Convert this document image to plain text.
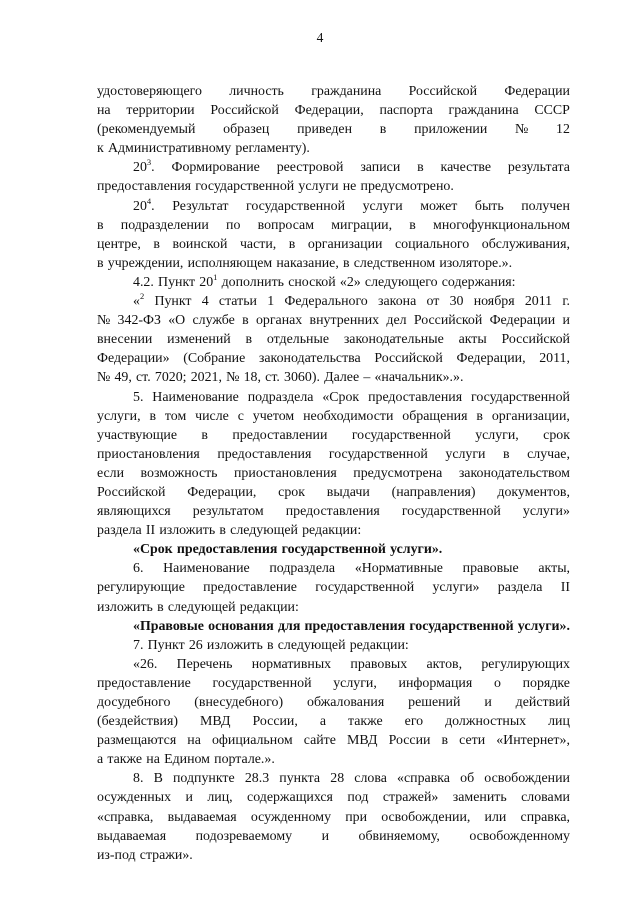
4
удостоверяющего личность гражданина Российской Федерации
на территории Российской Федерации, паспорта гражданина СССР
(рекомендуемый образец приведен в приложении № 12
к Административному регламенту).
$20^3$. Формирование реестровой записи в качестве результата
предоставления государственной услуги не предусмотрено.
$20^4$. Результат государственной услуги может быть получен
в подразделении по вопросам миграции, в многофункциональном
центре, в воинской части, в организации социального обслуживания,
в учреждении, исполняющем наказание, в следственном изоляторе.».
4.2. Пункт $20^1$ дополнить сноской «2» следующего содержания:
«$^2$ Пункт 4 статьи 1 Федерального закона от 30 ноября 2011 г.
№ 342-ФЗ «О службе в органах внутренних дел Российской Федерации и
внесении изменений в отдельные законодательные акты Российской
Федерации» (Собрание законодательства Российской Федерации, 2011,
№ 49, ст. 7020; 2021, № 18, ст. 3060). Далее – «начальник».».
5. Наименование подраздела «Срок предоставления государственной
услуги, в том числе с учетом необходимости обращения в организации,
участвующие в предоставлении государственной услуги, срок
приостановления предоставления государственной услуги в случае,
если возможность приостановления предусмотрена законодательством
Российской Федерации, срок выдачи (направления) документов,
являющихся результатом предоставления государственной услуги»
раздела II изложить в следующей редакции:
«Срок предоставления государственной услуги».
6. Наименование подраздела «Нормативные правовые акты,
регулирующие предоставление государственной услуги» раздела II
изложить в следующей редакции:
«Правовые основания для предоставления государственной услуги».
7. Пункт 26 изложить в следующей редакции:
«26. Перечень нормативных правовых актов, регулирующих
предоставление государственной услуги, информация о порядке
досудебного (внесудебного) обжалования решений и действий
(бездействия) МВД России, а также его должностных лиц
размещаются на официальном сайте МВД России в сети «Интернет»,
а также на Едином портале.».
8. В подпункте 28.3 пункта 28 слова «справка об освобождении
осужденных и лиц, содержащихся под стражей» заменить словами
«справка, выдаваемая осужденному при освобождении, или справка,
выдаваемая подозреваемому и обвиняемому, освобожденному
из-под стражи».
